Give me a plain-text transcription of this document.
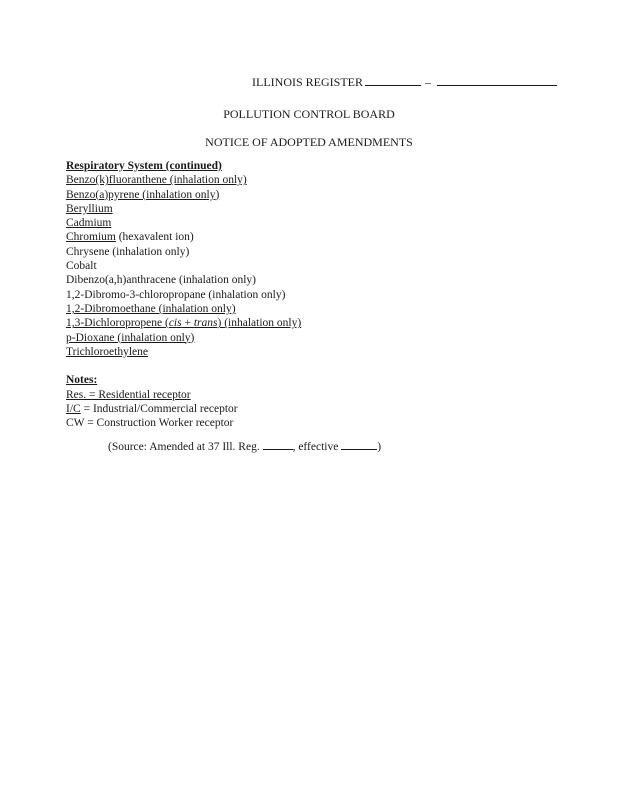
ILLINOIS REGISTER	–
POLLUTION CONTROL BOARD
NOTICE OF ADOPTED AMENDMENTS
Respiratory System (continued)
Benzo(k)fluoranthene (inhalation only)
Benzo(a)pyrene (inhalation only)
Beryllium
Cadmium
Chromium (hexavalent ion)
Chrysene (inhalation only)
Cobalt
Dibenzo(a,h)anthracene (inhalation only)
1,2-Dibromo-3-chloropropane (inhalation only)
1,2-Dibromoethane (inhalation only)
1,3-Dichloropropene (cis + trans) (inhalation only)
p-Dioxane (inhalation only)
Trichloroethylene
Notes:
Res. = Residential receptor
I/C = Industrial/Commercial receptor
CW = Construction Worker receptor
(Source: Amended at 37 Ill. Reg.	, effective	)
